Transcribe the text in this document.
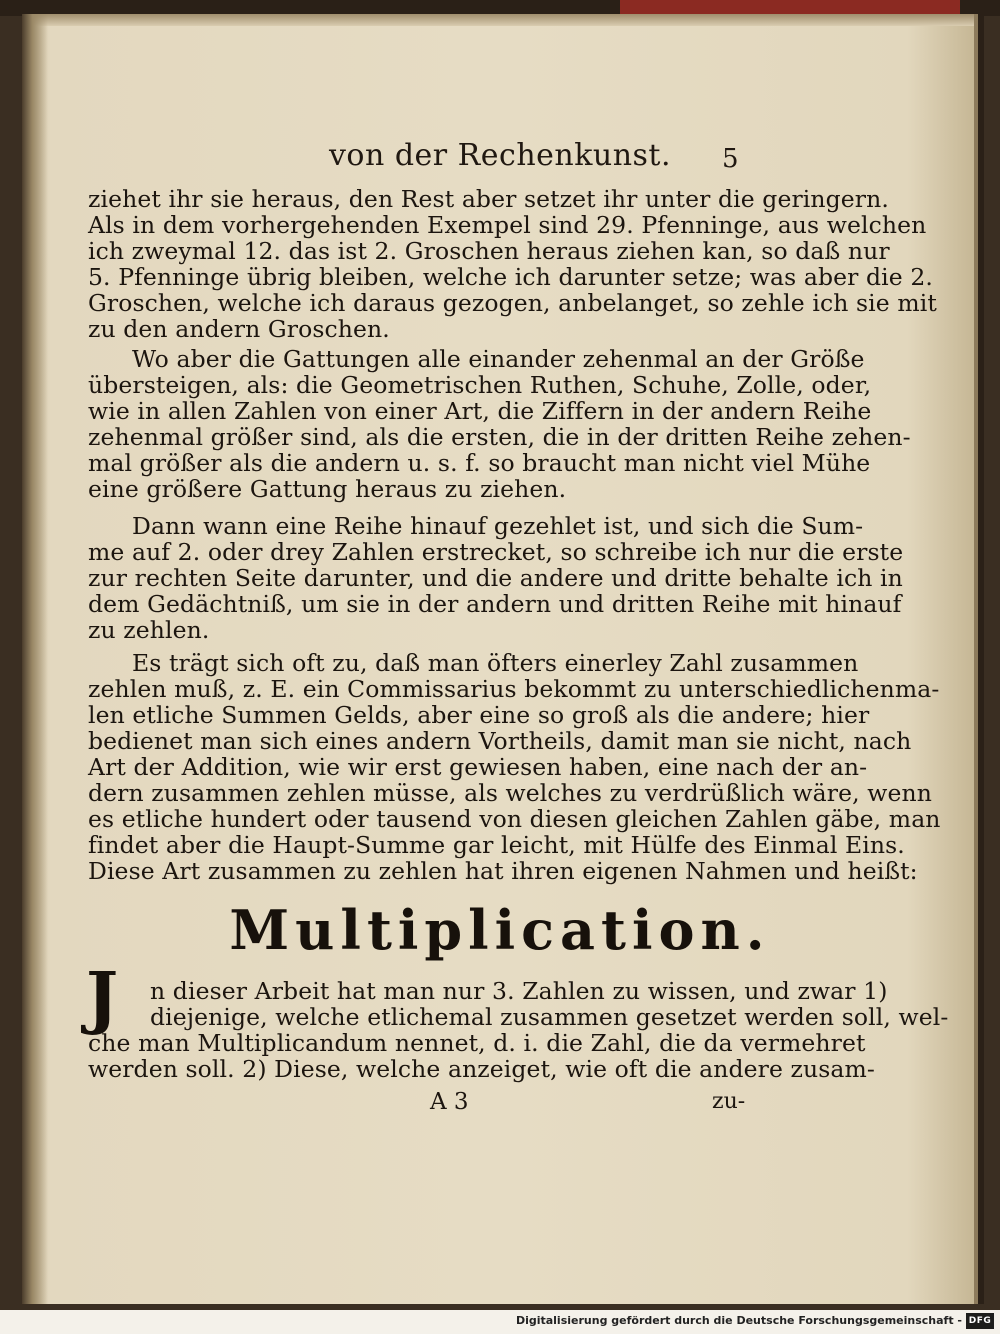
von der Rechenkunst.	5
ziehet ihr sie heraus, den Rest aber setzet ihr unter die geringern.
Als in dem vorhergehenden Exempel sind 29. Pfenninge, aus welchen
ich zweymal 12. das ist 2. Groschen heraus ziehen kan, so daß nur
5. Pfenninge übrig bleiben, welche ich darunter setze; was aber die 2.
Groschen, welche ich daraus gezogen, anbelanget, so zehle ich sie mit
zu den andern Groschen.
Wo aber die Gattungen alle einander zehenmal an der Größe
übersteigen, als: die Geometrischen Ruthen, Schuhe, Zolle, oder,
wie in allen Zahlen von einer Art, die Ziffern in der andern Reihe
zehenmal größer sind, als die ersten, die in der dritten Reihe zehen-
mal größer als die andern u. s. f. so braucht man nicht viel Mühe
eine größere Gattung heraus zu ziehen.
Dann wann eine Reihe hinauf gezehlet ist, und sich die Sum-
me auf 2. oder drey Zahlen erstrecket, so schreibe ich nur die erste
zur rechten Seite darunter, und die andere und dritte behalte ich in
dem Gedächtniß, um sie in der andern und dritten Reihe mit hinauf
zu zehlen.
Es trägt sich oft zu, daß man öfters einerley Zahl zusammen
zehlen muß, z. E. ein Commissarius bekommt zu unterschiedlichenma-
len etliche Summen Gelds, aber eine so groß als die andere; hier
bedienet man sich eines andern Vortheils, damit man sie nicht, nach
Art der Addition, wie wir erst gewiesen haben, eine nach der an-
dern zusammen zehlen müsse, als welches zu verdrüßlich wäre, wenn
es etliche hundert oder tausend von diesen gleichen Zahlen gäbe, man
findet aber die Haupt-Summe gar leicht, mit Hülfe des Einmal Eins.
Diese Art zusammen zu zehlen hat ihren eigenen Nahmen und heißt:
Multiplication.
J n dieser Arbeit hat man nur 3. Zahlen zu wissen, und zwar 1)
diejenige, welche etlichemal zusammen gesetzet werden soll, wel-
che man Multiplicandum nennet, d. i. die Zahl, die da vermehret
werden soll. 2) Diese, welche anzeiget, wie oft die andere zusam-
A 3	zu-
Digitalisierung gefördert durch die Deutsche Forschungsgemeinschaft - DFG
